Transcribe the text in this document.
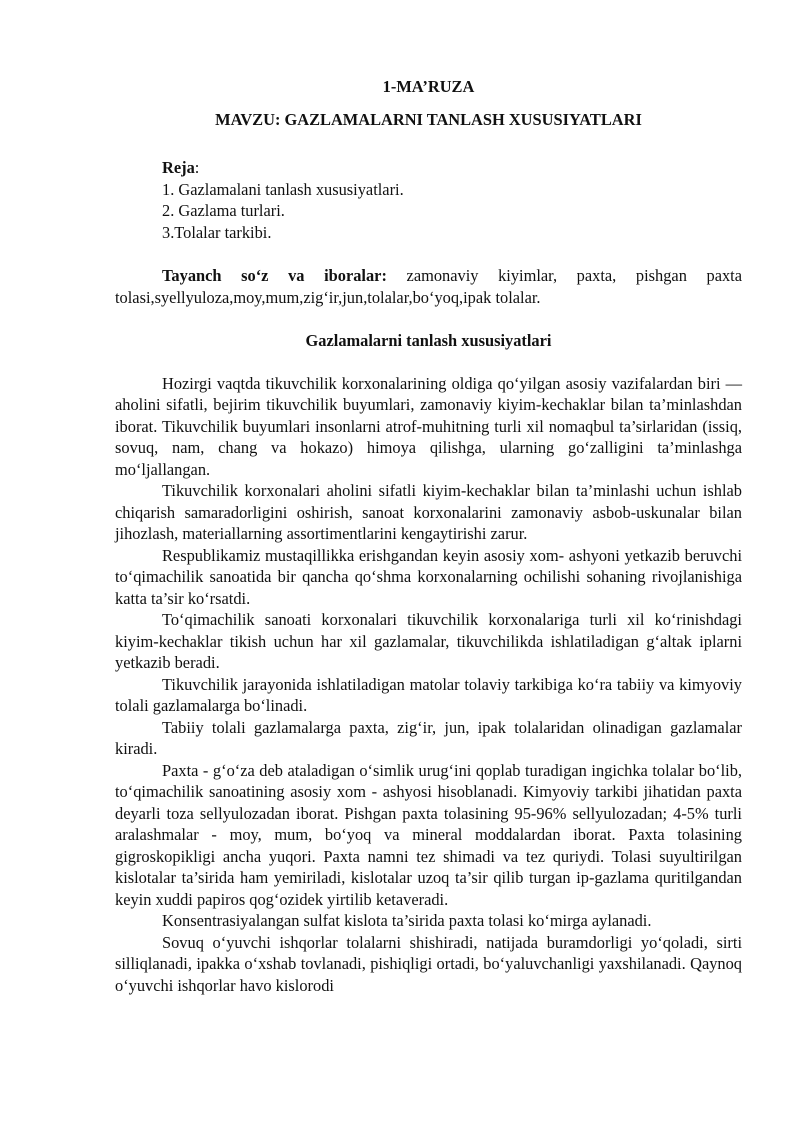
1-MA’RUZA
MAVZU: GAZLAMALARNI TANLASH XUSUSIYATLARI
Reja:
1. Gazlamalani tanlash xususiyatlari.
2. Gazlama turlari.
3.Tolalar tarkibi.
Tayanch so‘z va iboralar: zamonaviy kiyimlar, paxta, pishgan paxta tolasi,syellyuloza,moy,mum,zig‘ir,jun,tolalar,bo‘yoq,ipak tolalar.
Gazlamalarni tanlash xususiyatlari

Hozirgi vaqtda tikuvchilik korxonalarining oldiga qo‘yilgan asosiy vazifalardan biri — aholini sifatli, bejirim tikuvchilik buyumlari, zamonaviy kiyim-kechaklar bilan ta’minlashdan iborat. Tikuvchilik buyumlari insonlarni atrof-muhitning turli xil nomaqbul ta’sirlaridan (issiq, sovuq, nam, chang va hokazo) himoya qilishga, ularning go‘zalligini ta’minlashga mo‘ljallangan.

Tikuvchilik korxonalari aholini sifatli kiyim-kechaklar bilan ta’minlashi uchun ishlab chiqarish samaradorligini oshirish, sanoat korxonalarini zamonaviy asbob-uskunalar bilan jihozlash, materiallarning assortimentlarini kengaytirishi zarur.

Respublikamiz mustaqillikka erishgandan keyin asosiy xom- ashyoni yetkazib beruvchi to‘qimachilik sanoatida bir qancha qo‘shma korxonalarning ochilishi sohaning rivojlanishiga katta ta’sir ko‘rsatdi.

To‘qimachilik sanoati korxonalari tikuvchilik korxonalariga turli xil ko‘rinishdagi kiyim-kechaklar tikish uchun har xil gazlamalar, tikuvchilikda ishlatiladigan g‘altak iplarni yetkazib beradi.

Tikuvchilik jarayonida ishlatiladigan matolar tolaviy tarkibiga ko‘ra tabiiy va kimyoviy tolali gazlamalarga bo‘linadi.

Tabiiy tolali gazlamalarga paxta, zig‘ir, jun, ipak tolalaridan olinadigan gazlamalar kiradi.

Paxta - g‘o‘za deb ataladigan o‘simlik urug‘ini qoplab turadigan ingichka tolalar bo‘lib, to‘qimachilik sanoatining asosiy xom - ashyosi hisoblanadi. Kimyoviy tarkibi jihatidan paxta deyarli toza sellyulozadan iborat. Pishgan paxta tolasining 95-96% sellyulozadan; 4-5% turli aralashmalar - moy, mum, bo‘yoq va mineral moddalardan iborat. Paxta tolasining gigroskopikligi ancha yuqori. Paxta namni tez shimadi va tez quriydi. Tolasi suyultirilgan kislotalar ta’sirida ham yemiriladi, kislotalar uzoq ta’sir qilib turgan ip-gazlama quritilgandan keyin xuddi papiros qog‘ozidek yirtilib ketaveradi.

Konsentrasiyalangan sulfat kislota ta’sirida paxta tolasi ko‘mirga aylanadi.

Sovuq o‘yuvchi ishqorlar tolalarni shishiradi, natijada buramdorligi yo‘qoladi, sirti silliqlanadi, ipakka o‘xshab tovlanadi, pishiqligi ortadi, bo‘yaluvchanligi yaxshilanadi. Qaynoq o‘yuvchi ishqorlar havo kislorodi
